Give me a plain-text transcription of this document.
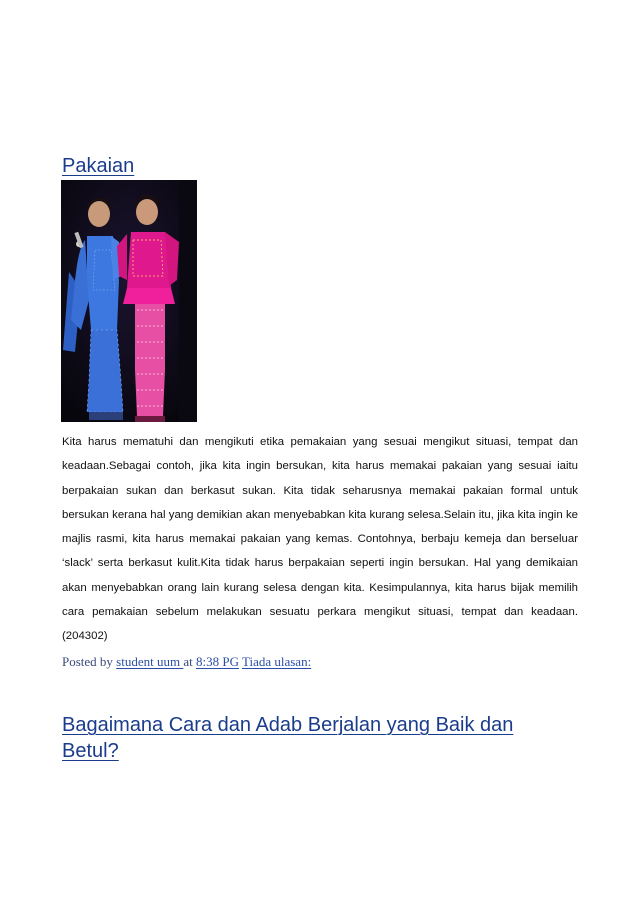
Pakaian

Kita harus mematuhi dan mengikuti etika pemakaian yang sesuai mengikut situasi, tempat dan keadaan.Sebagai contoh, jika kita ingin bersukan, kita harus memakai pakaian yang sesuai iaitu berpakaian sukan dan berkasut sukan. Kita tidak seharusnya memakai pakaian formal untuk bersukan kerana hal yang demikian akan menyebabkan kita kurang selesa.Selain itu, jika kita ingin ke majlis rasmi, kita harus memakai pakaian yang kemas. Contohnya, berbaju kemeja dan berseluar ‘slack’ serta berkasut kulit.Kita tidak harus berpakaian seperti ingin bersukan. Hal yang demikaian akan menyebabkan orang lain kurang selesa dengan kita. Kesimpulannya, kita harus bijak memilih cara pemakaian sebelum melakukan sesuatu perkara mengikut situasi, tempat dan keadaan. (204302)

Posted by student uum at 8:38 PG Tiada ulasan:

Bagaimana Cara dan Adab Berjalan yang Baik dan Betul?
